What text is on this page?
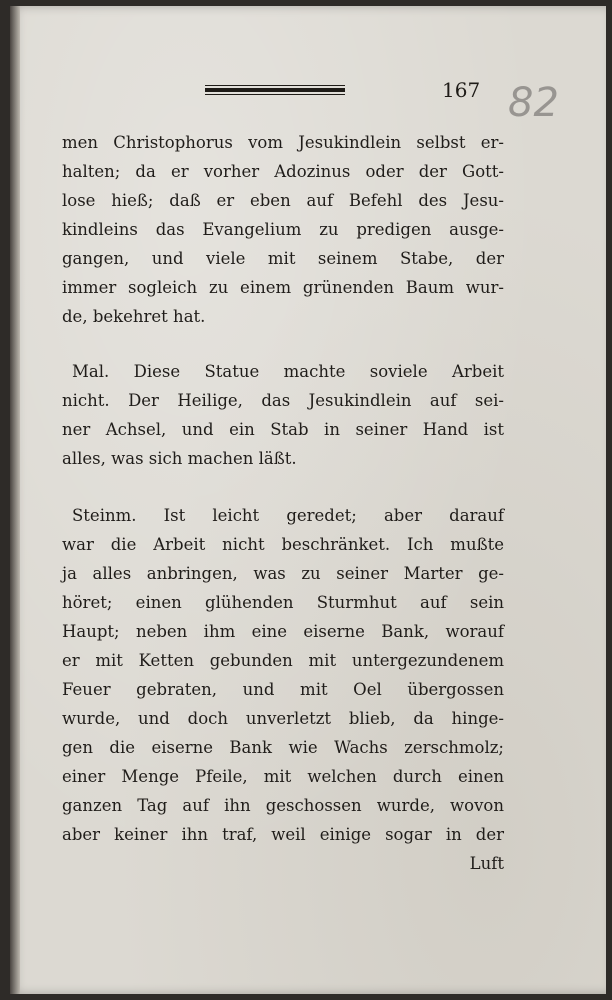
167 82
men Christophorus vom Jesukindlein selbst er-
halten; da er vorher Adozinus oder der Gott-
lose hieß; daß er eben auf Befehl des Jesu-
kindleins das Evangelium zu predigen ausge-
gangen, und viele mit seinem Stabe, der
immer sogleich zu einem grünenden Baum wur-
de, bekehret hat.
Mal. Diese Statue machte soviele Arbeit
nicht. Der Heilige, das Jesukindlein auf sei-
ner Achsel, und ein Stab in seiner Hand ist
alles, was sich machen läßt.
Steinm. Ist leicht geredet; aber darauf
war die Arbeit nicht beschränket. Ich mußte
ja alles anbringen, was zu seiner Marter ge-
höret; einen glühenden Sturmhut auf sein
Haupt; neben ihm eine eiserne Bank, worauf
er mit Ketten gebunden mit untergezundenem
Feuer gebraten, und mit Oel übergossen
wurde, und doch unverletzt blieb, da hinge-
gen die eiserne Bank wie Wachs zerschmolz;
einer Menge Pfeile, mit welchen durch einen
ganzen Tag auf ihn geschossen wurde, wovon
aber keiner ihn traf, weil einige sogar in der
Luft
